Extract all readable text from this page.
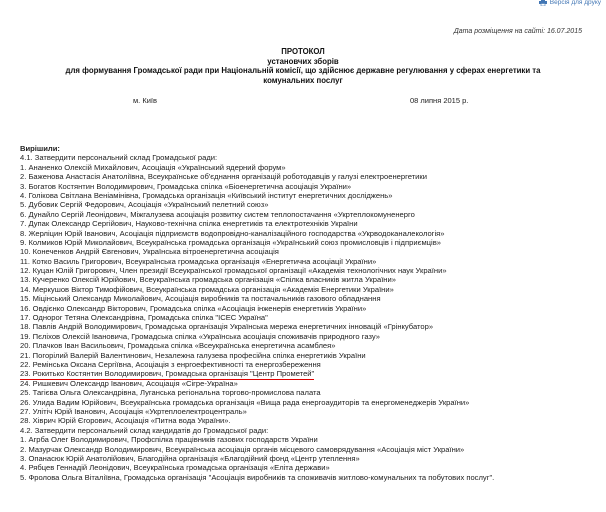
Версія для друку
Дата розміщення на сайті: 16.07.2015
ПРОТОКОЛ
установчих зборів
для формування Громадської ради при Національній комісії, що здійснює державне регулювання у сферах енергетики та
комунальних послуг
м. Київ	08 липня 2015 р.
Вирішили:
4.1. Затвердити персональний склад Громадської ради:
1. Ананенко Олексій Михайлович, Асоціація «Український ядерний форум»
2. Баженова Анастасія Анатоліївна, Всеукраїнське об'єднання організацій роботодавців у галузі електроенергетики
3. Богатов Костянтин Володимирович, Громадська спілка «Біоенергетична асоціація України»
4. Голікова Світлана Веніамінівна, Громадська організація «Київський інститут енергетичних досліджень»
5. Дубовик Сергій Федорович, Асоціація «Український пелетний союз»
6. Дунайло Сергій Леонідович, Міжгалузева асоціація розвитку систем теплопостачання «Укртеплокомуненерго
7. Дупак Олександр Сергійович, Науково-технічна спілка енергетиків та електротехніків України
8. Жерліцин Юрій Іванович, Асоціація підприємств водопровідно-каналізаційного господарства «Укрводоканалекологія»
9. Колмиков Юрій Миколайович, Всеукраїнська громадська організація «Український союз промисловців і підприємців»
10. Конеченков Андрій Євгенович, Українська вітроенергетична асоціація
11. Котко Василь Григорович, Всеукраїнська громадська організація «Енергетична асоціації України»
12. Куцан Юлій Григорович, Член президії Всеукраїнської громадської організації «Академія технологічних наук України»
13. Кучеренко Олексій Юрійович, Всеукраїнська громадська організація «Спілка власників житла України»
14. Меркушов Віктор Тимофійович, Всеукраїнська громадська організація «Академія Енергетики України»
15. Міцінський Олександр Миколайович, Асоціація виробників та постачальників газового обладнання
16. Овдієнко Олександр Вікторович, Громадська спілка «Асоціація інженерів енергетиків України»
17. Однорог Тетяна Олександрівна, Громадська спілка "ІСЕС Україна"
18. Павлів Андрій Володимирович, Громадська організація Українська мережа енергетичних інновацій «Грінкубатор»
19. Пєліхов Олексій Івановича, Громадська спілка «Українська асоціація споживачів природного газу»
20. Плачков Іван Васильович, Громадська спілка «Всеукраїнська енергетична асамблея»
21. Погорілий Валерій Валентинович, Незалежна галузева професійна спілка енергетиків України
22. Ремінська Оксана Сергіївна, Асоціація з енргоефективності та енергозбереження
23. Рокитько Костянтин Володимирович, Громадська організація "Центр Прометей"
24. Ришкевич Олександр Іванович, Асоціація «Сігре-Україна»
25. Тагієва Ольга Олександрівна, Луганська регіональна торгово-промислова палата
26. Улида Вадим Юрійович, Всеукраїнська громадська організація «Вища рада енергоаудиторів та енергоменеджерів України»
27. Улітіч Юрій Іванович, Асоціація «Укртеплоелектроцентраль»
28. Хіврич Юрій Єгорович, Асоціація «Питна вода України».
4.2. Затвердити персональний склад кандидатів до Громадської ради:
1. Агрба Олег Володимирович, Профспілка працівників газових господарств України
2. Мазурчак Олександр Володимирович, Всеукраїнська асоціація органів місцевого самоврядування «Асоціація міст України»
3. Опанасюк Юрій Анатолійович, Благодійна організація «Благодійний фонд «Центр утеплення»
4. Рябцев Геннадій Леонідович, Всеукраїнська громадська організація «Еліта держави»
5. Фролова Ольга Віталіївна, Громадська організація "Асоціація виробників та споживачів житлово-комунальних та побутових послуг".
